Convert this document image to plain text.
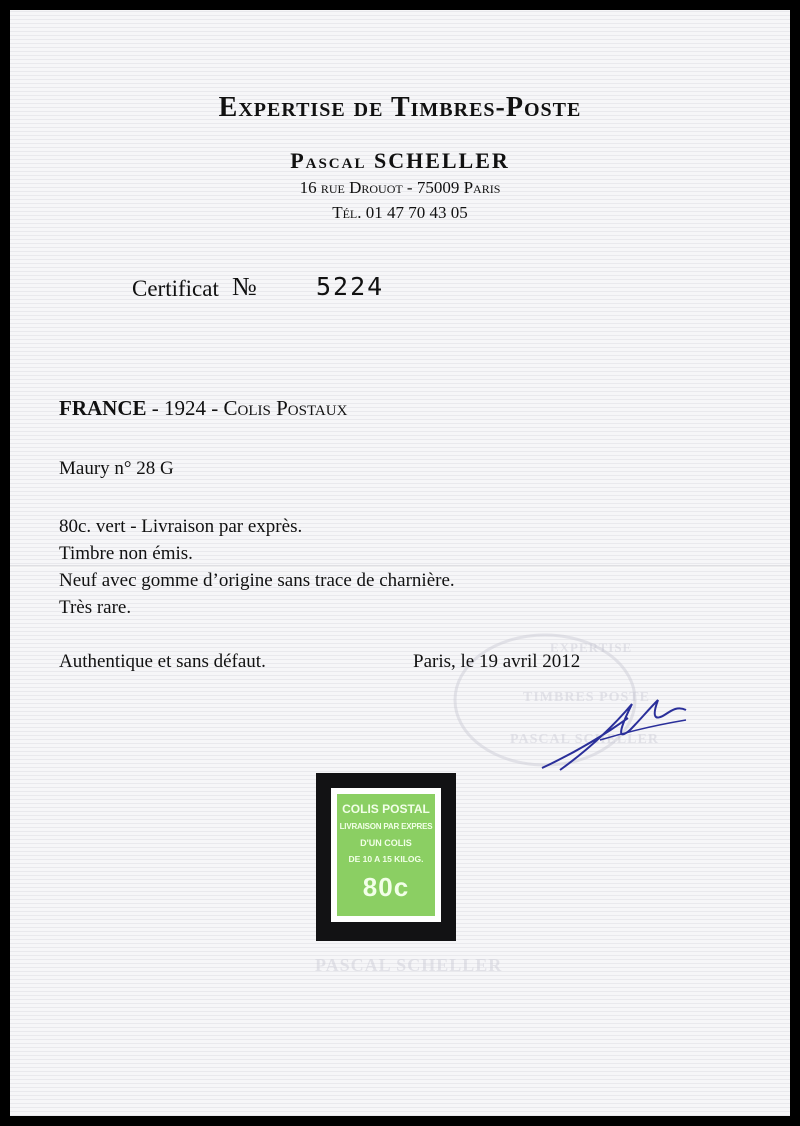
EXPERTISE
TIMBRES POSTE
PASCAL SCHELLER
PASCAL SCHELLER
Expertise de Timbres-Poste
Pascal SCHELLER
16 rue Drouot - 75009 Paris
Tél. 01 47 70 43 05
Certificat № 5224
FRANCE - 1924 - Colis Postaux
Maury n° 28 G
80c. vert - Livraison par exprès.
Timbre non émis.
Neuf avec gomme d’origine sans trace de charnière.
Très rare.
Authentique et sans défaut.	Paris, le 19 avril 2012
COLIS POSTAL
LIVRAISON PAR EXPRES
D'UN COLIS
DE 10 A 15 KILOG.
80c
